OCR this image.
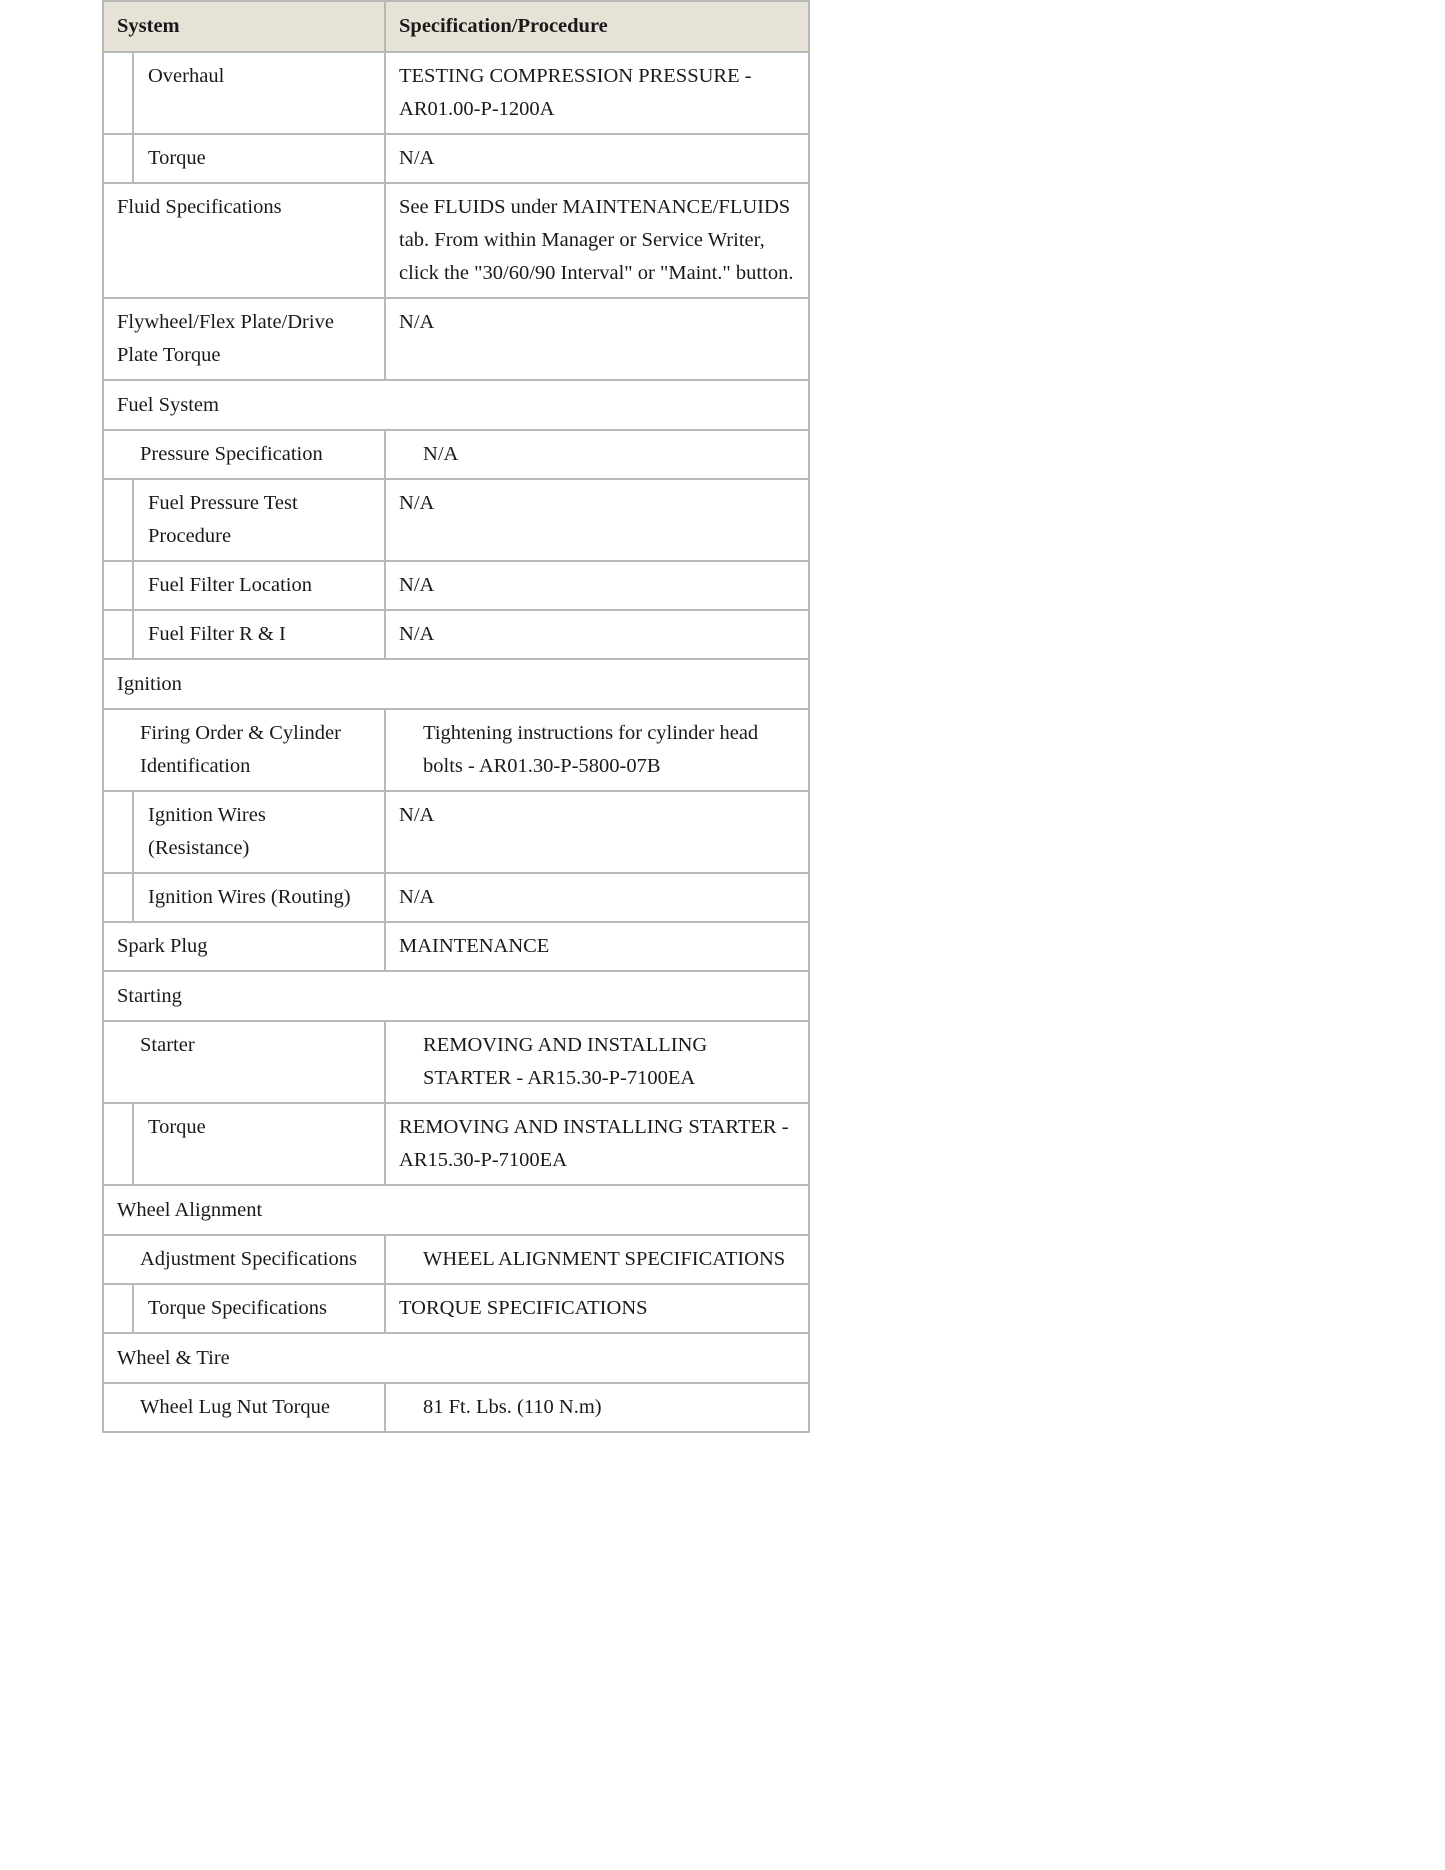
System		Specification/Procedure
	Overhaul	TESTING COMPRESSION PRESSURE - AR01.00-P-1200A
	Torque	N/A
Fluid Specifications		See FLUIDS under MAINTENANCE/FLUIDS tab. From within Manager or Service Writer, click the "30/60/90 Interval" or "Maint." button.
Flywheel/Flex Plate/Drive Plate Torque		N/A
Fuel System		
Pressure Specification		N/A
	Fuel Pressure Test Procedure	N/A
	Fuel Filter Location	N/A
	Fuel Filter R & I	N/A
Ignition		
Firing Order & Cylinder Identification		Tightening instructions for cylinder head bolts - AR01.30-P-5800-07B
	Ignition Wires (Resistance)	N/A
	Ignition Wires (Routing)	N/A
Spark Plug		MAINTENANCE
Starting		
Starter		REMOVING AND INSTALLING STARTER - AR15.30-P-7100EA
	Torque	REMOVING AND INSTALLING STARTER - AR15.30-P-7100EA
Wheel Alignment		
Adjustment Specifications		WHEEL ALIGNMENT SPECIFICATIONS
	Torque Specifications	TORQUE SPECIFICATIONS
Wheel & Tire		
Wheel Lug Nut Torque		81 Ft. Lbs. (110 N.m)
